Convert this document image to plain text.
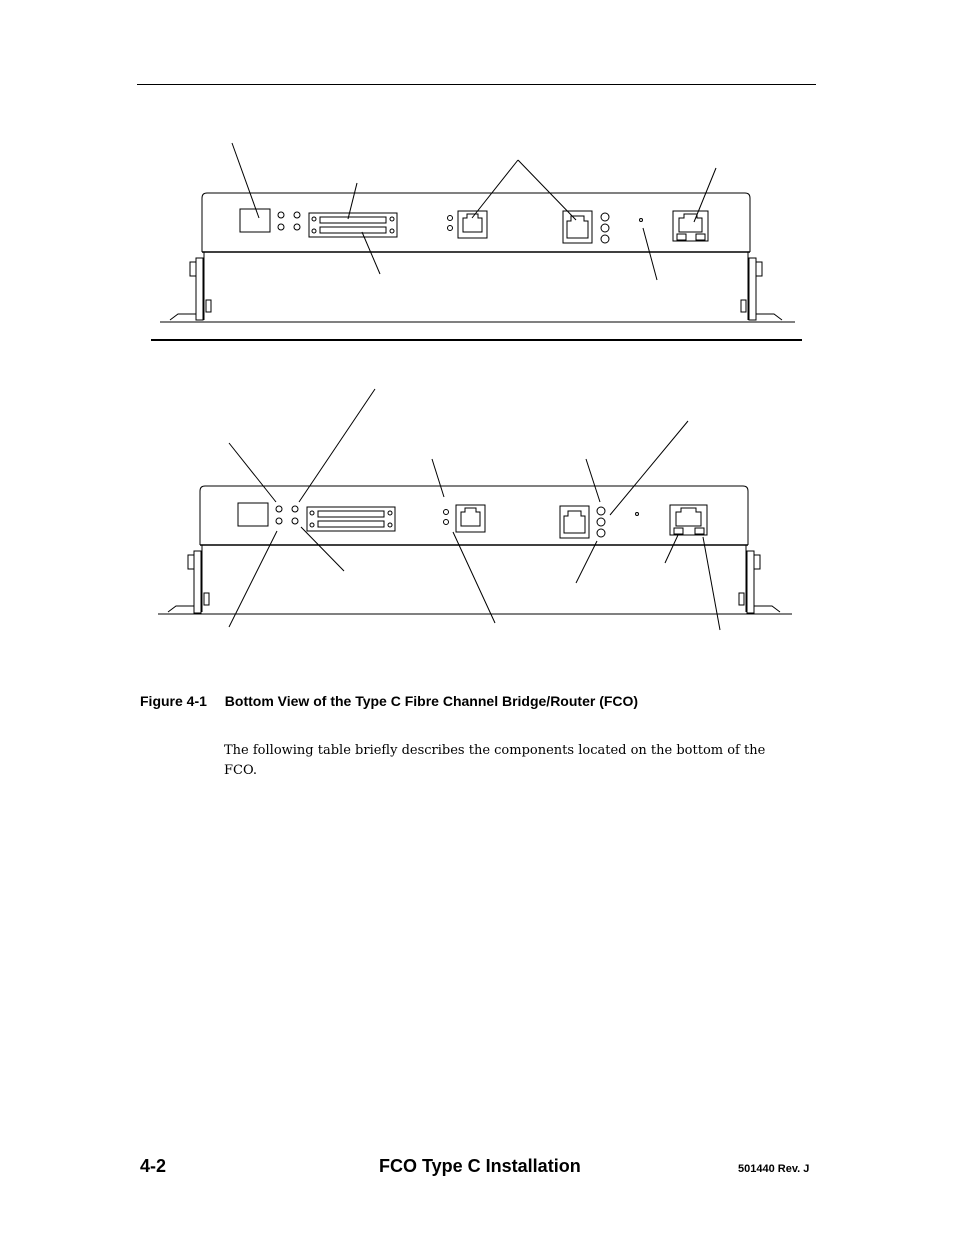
Figure 4-1 Bottom View of the Type C Fibre Channel Bridge/Router (FCO)
The following table briefly describes the components located on the bottom of the FCO.
4-2	FCO Type C Installation	501440 Rev. J
